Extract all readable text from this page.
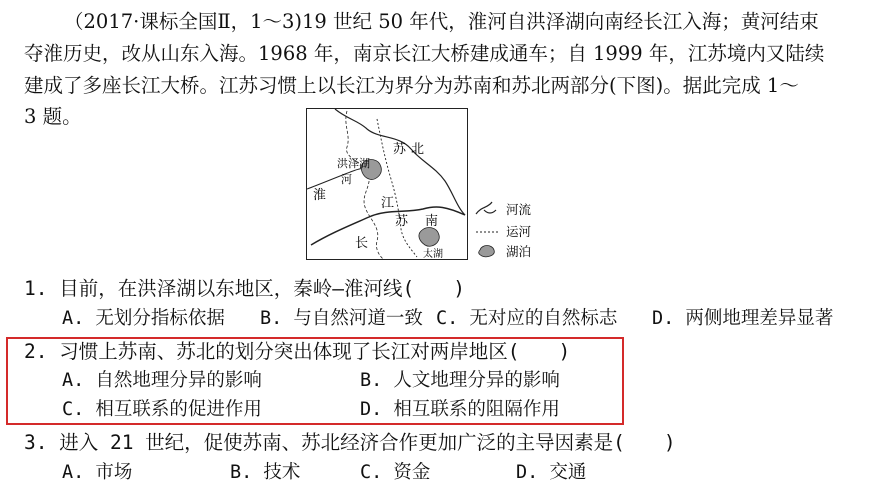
（2017·课标全国Ⅱ，1～3)19 世纪 50 年代，淮河自洪泽湖向南经长江入海；黄河结束
夺淮历史，改从山东入海。1968 年，南京长江大桥建成通车；自 1999 年，江苏境内又陆续
建成了多座长江大桥。江苏习惯上以长江为界分为苏南和苏北两部分(下图)。据此完成 1～
3 题。
苏 北
洪泽湖
河
淮
江
长
苏 南
太湖
河流
运河
湖泊
1. 目前，在洪泽湖以东地区，秦岭—淮河线(　　)
A. 无划分指标依据 B. 与自然河道一致 C. 无对应的自然标志 D. 两侧地理差异显著
2. 习惯上苏南、苏北的划分突出体现了长江对两岸地区(　　)
A. 自然地理分异的影响	B. 人文地理分异的影响
C. 相互联系的促进作用	D. 相互联系的阻隔作用
3. 进入 21 世纪，促使苏南、苏北经济合作更加广泛的主导因素是(　　)
A. 市场	B. 技术	C. 资金	D. 交通
